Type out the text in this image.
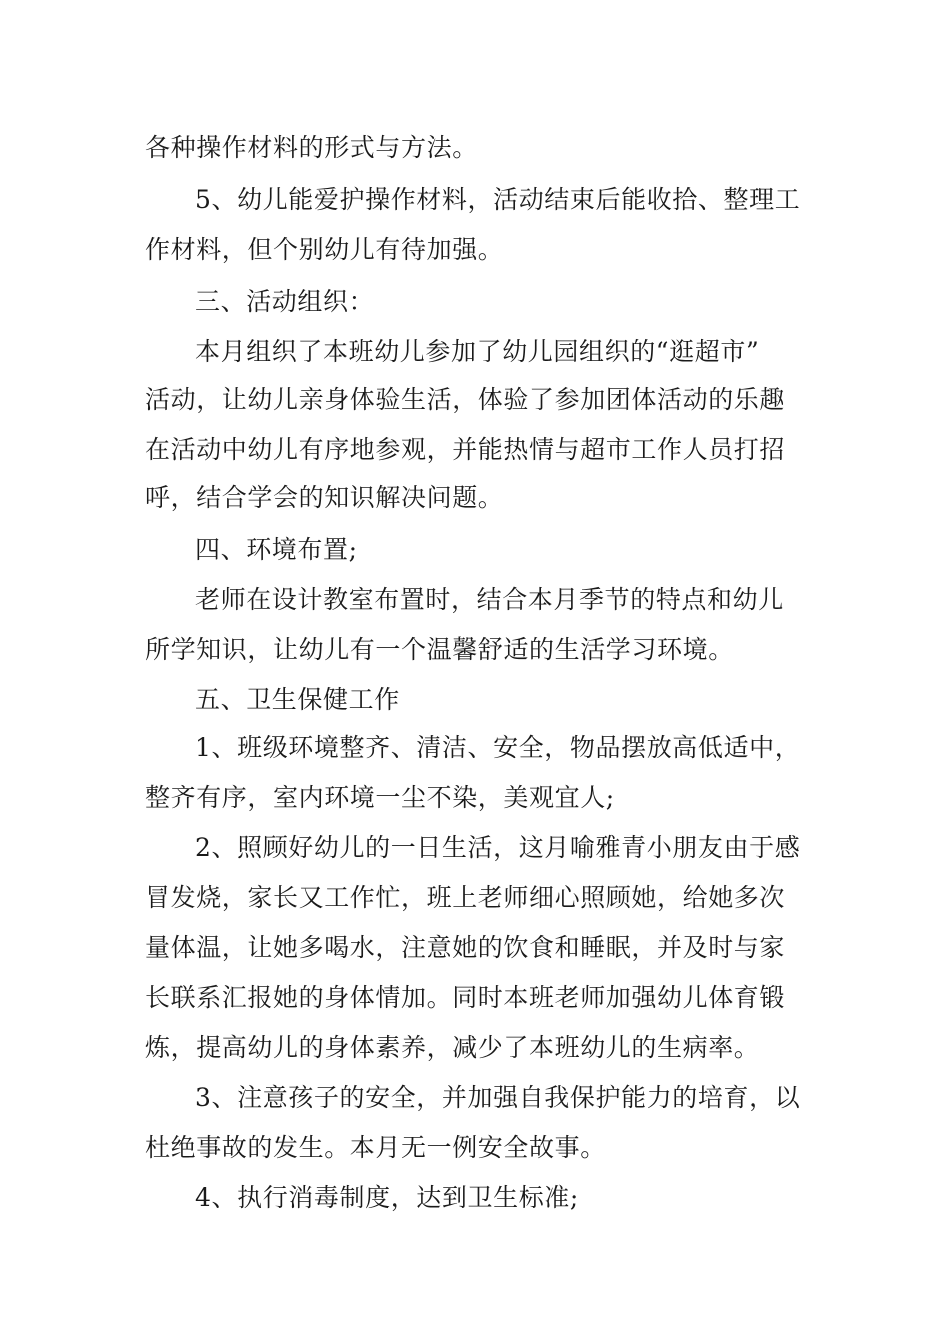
各种操作材料的形式与方法。
5、幼儿能爱护操作材料，活动结束后能收拾、整理工
作材料，但个别幼儿有待加强。
三、活动组织：
本月组织了本班幼儿参加了幼儿园组织的“逛超市”
活动，让幼儿亲身体验生活，体验了参加团体活动的乐趣
在活动中幼儿有序地参观，并能热情与超市工作人员打招
呼，结合学会的知识解决问题。
四、环境布置;
老师在设计教室布置时，结合本月季节的特点和幼儿
所学知识，让幼儿有一个温馨舒适的生活学习环境。
五、卫生保健工作
1、班级环境整齐、清洁、安全，物品摆放高低适中，
整齐有序，室内环境一尘不染，美观宜人;
2、照顾好幼儿的一日生活，这月喻雅青小朋友由于感
冒发烧，家长又工作忙，班上老师细心照顾她，给她多次
量体温，让她多喝水，注意她的饮食和睡眠，并及时与家
长联系汇报她的身体情加。同时本班老师加强幼儿体育锻
炼，提高幼儿的身体素养，减少了本班幼儿的生病率。
3、注意孩子的安全，并加强自我保护能力的培育，以
杜绝事故的发生。本月无一例安全故事。
4、执行消毒制度，达到卫生标准;
